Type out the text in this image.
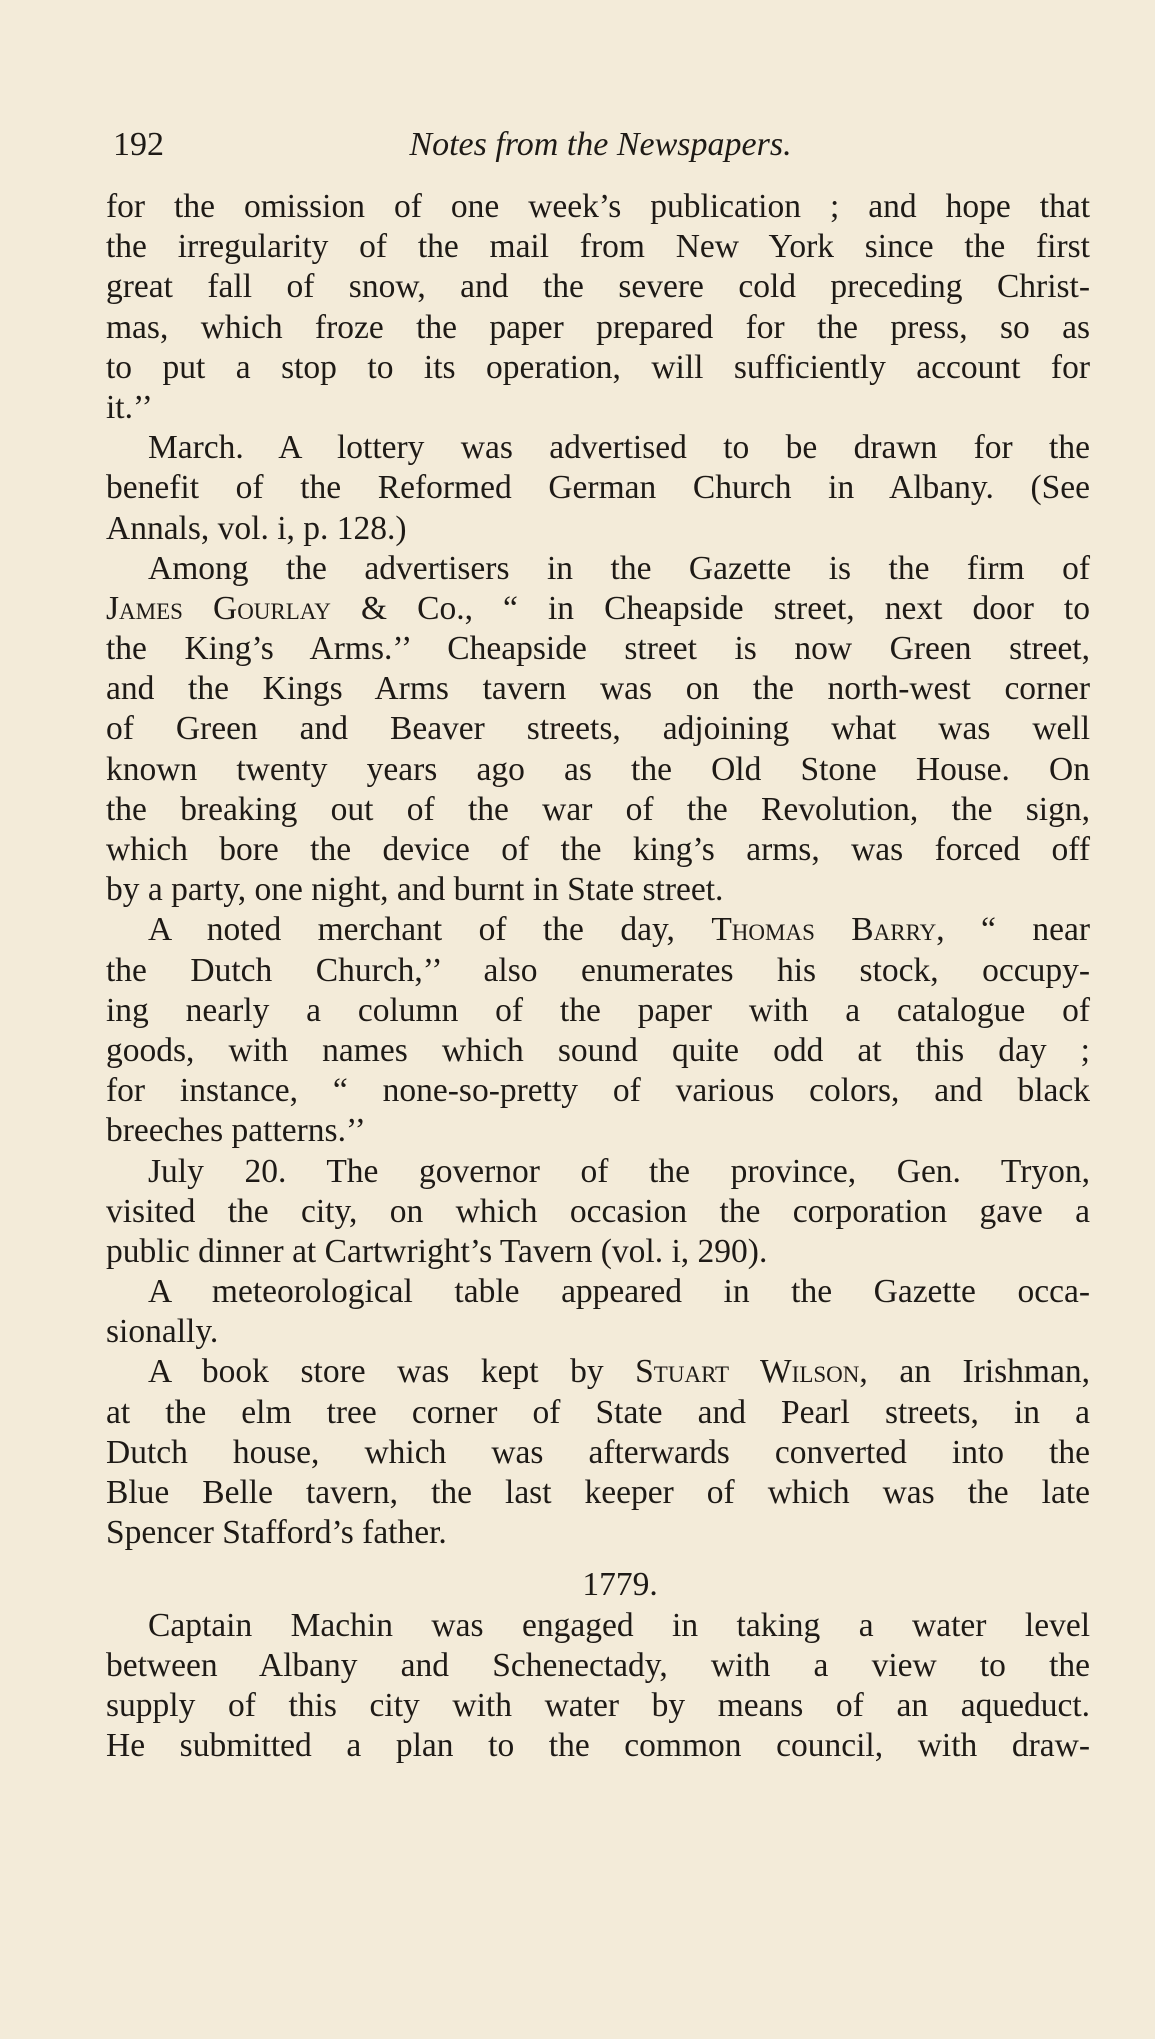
192	Notes from the Newspapers.
for the omission of one week’s publication ; and hope that
the irregularity of the mail from New York since the first
great fall of snow, and the severe cold preceding Christ-
mas, which froze the paper prepared for the press, so as
to put a stop to its operation, will sufficiently account for
it.’’
March. A lottery was advertised to be drawn for the
benefit of the Reformed German Church in Albany. (See
Annals, vol. i, p. 128.)
Among the advertisers in the Gazette is the firm of
James Gourlay & Co., “ in Cheapside street, next door to
the King’s Arms.’’ Cheapside street is now Green street,
and the Kings Arms tavern was on the north-west corner
of Green and Beaver streets, adjoining what was well
known twenty years ago as the Old Stone House. On
the breaking out of the war of the Revolution, the sign,
which bore the device of the king’s arms, was forced off
by a party, one night, and burnt in State street.
A noted merchant of the day, Thomas Barry, “ near
the Dutch Church,’’ also enumerates his stock, occupy-
ing nearly a column of the paper with a catalogue of
goods, with names which sound quite odd at this day ;
for instance, “ none-so-pretty of various colors, and black
breeches patterns.’’
July 20. The governor of the province, Gen. Tryon,
visited the city, on which occasion the corporation gave a
public dinner at Cartwright’s Tavern (vol. i, 290).
A meteorological table appeared in the Gazette occa-
sionally.
A book store was kept by Stuart Wilson, an Irishman,
at the elm tree corner of State and Pearl streets, in a
Dutch house, which was afterwards converted into the
Blue Belle tavern, the last keeper of which was the late
Spencer Stafford’s father.
1779.
Captain Machin was engaged in taking a water level
between Albany and Schenectady, with a view to the
supply of this city with water by means of an aqueduct.
He submitted a plan to the common council, with draw-
